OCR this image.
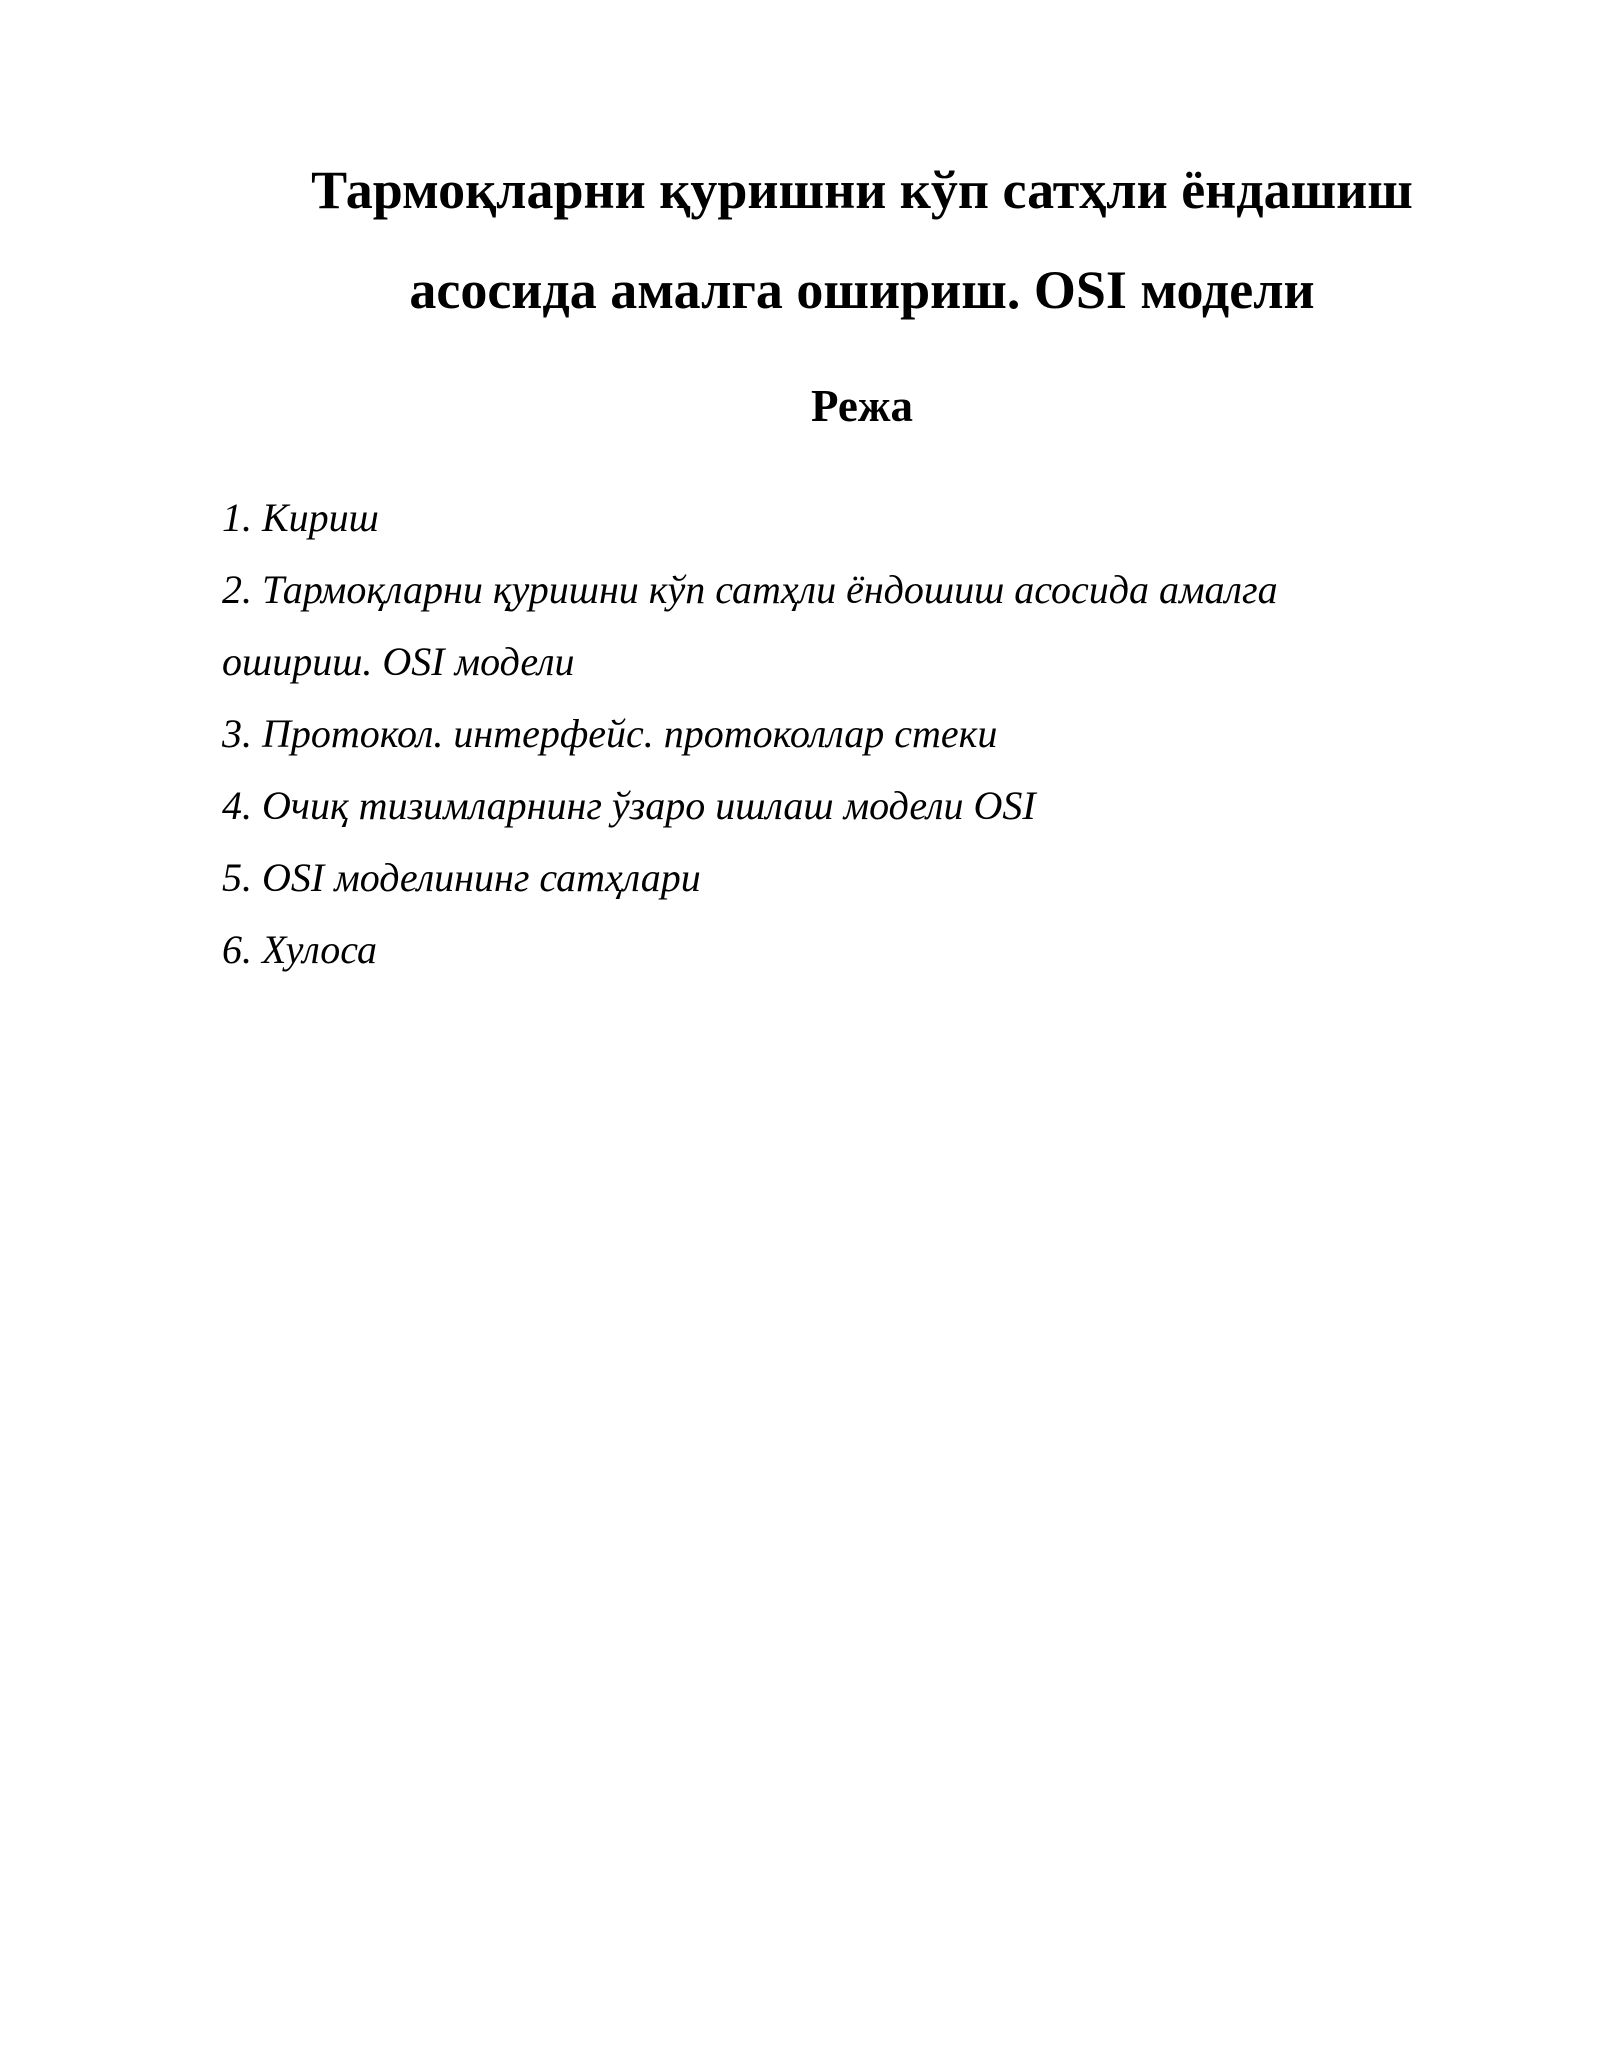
Тармоқларни қуришни кўп сатҳли ёндашиш
асосида амалга ошириш. OSI модели
Режа
1. Кириш
2. Тармоқларни қуришни кўп сатҳли ёндошиш асосида амалга ошириш. OSI модели
3. Протокол. интерфейс. протоколлар стеки
4. Очиқ тизимларнинг ўзаро ишлаш модели OSI
5. OSI моделининг сатҳлари
6. Хулоса
